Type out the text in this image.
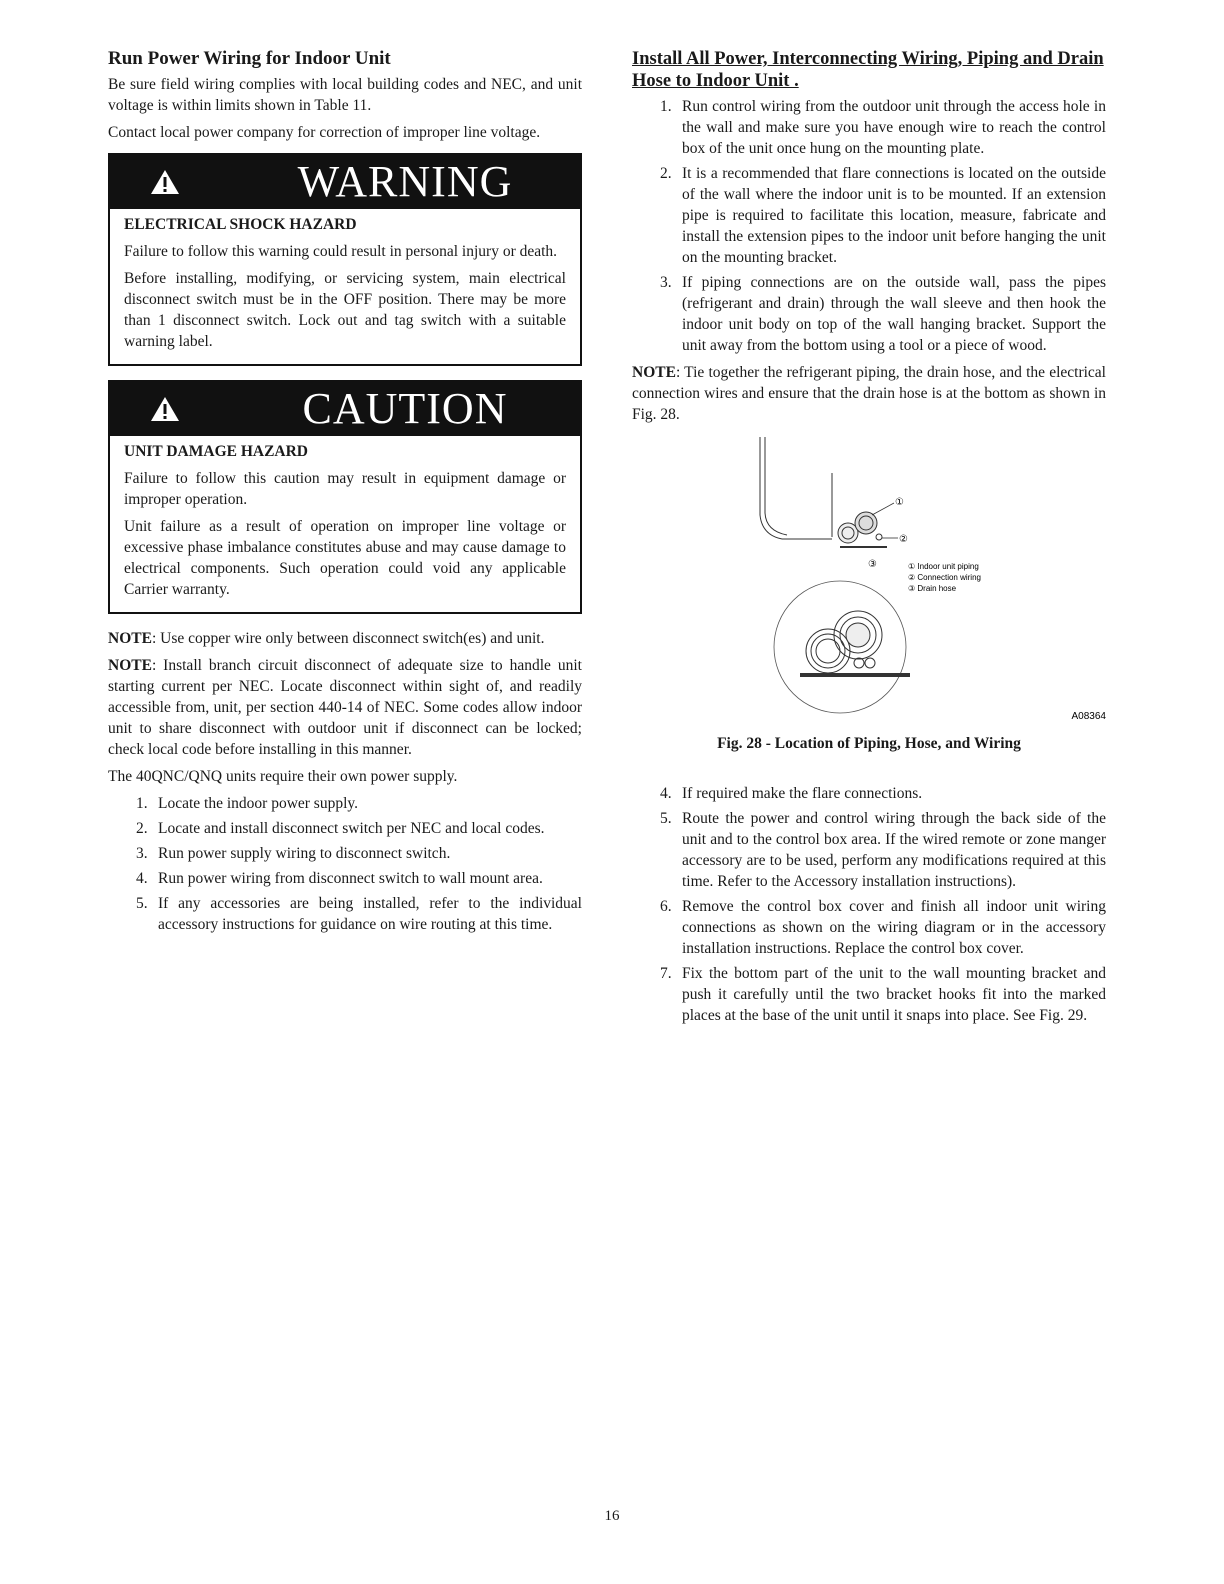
Run Power Wiring for Indoor Unit

Be sure field wiring complies with local building codes and NEC, and unit voltage is within limits shown in Table 11.

Contact local power company for correction of improper line voltage.

WARNING
ELECTRICAL SHOCK HAZARD

Failure to follow this warning could result in personal injury or death.

Before installing, modifying, or servicing system, main electrical disconnect switch must be in the OFF position. There may be more than 1 disconnect switch. Lock out and tag switch with a suitable warning label.

CAUTION
UNIT DAMAGE HAZARD

Failure to follow this caution may result in equipment damage or improper operation.

Unit failure as a result of operation on improper line voltage or excessive phase imbalance constitutes abuse and may cause damage to electrical components. Such operation could void any applicable Carrier warranty.

NOTE: Use copper wire only between disconnect switch(es) and unit.

NOTE: Install branch circuit disconnect of adequate size to handle unit starting current per NEC. Locate disconnect within sight of, and readily accessible from, unit, per section 440-14 of NEC. Some codes allow indoor unit to share disconnect with outdoor unit if disconnect can be locked; check local code before installing in this manner.

The 40QNC/QNQ units require their own power supply.

1. Locate the indoor power supply.
2. Locate and install disconnect switch per NEC and local codes.
3. Run power supply wiring to disconnect switch.
4. Run power wiring from disconnect switch to wall mount area.
5. If any accessories are being installed, refer to the individual accessory instructions for guidance on wire routing at this time.
Install All Power, Interconnecting Wiring, Piping and Drain Hose to Indoor Unit .
1. Run control wiring from the outdoor unit through the access hole in the wall and make sure you have enough wire to reach the control box of the unit once hung on the mounting plate.
2. It is a recommended that flare connections is located on the outside of the wall where the indoor unit is to be mounted. If an extension pipe is required to facilitate this location, measure, fabricate and install the extension pipes to the indoor unit before hanging the unit on the mounting bracket.
3. If piping connections are on the outside wall, pass the pipes (refrigerant and drain) through the wall sleeve and then hook the indoor unit body on top of the wall hanging bracket. Support the unit away from the bottom using a tool or a piece of wood.

NOTE: Tie together the refrigerant piping, the drain hose, and the electrical connection wires and ensure that the drain hose is at the bottom as shown in Fig. 28.

①
②
③	① Indoor unit piping
② Connection wiring
③ Drain hose
A08364
Fig. 28 - Location of Piping, Hose, and Wiring
4. If required make the flare connections.
5. Route the power and control wiring through the back side of the unit and to the control box area. If the wired remote or zone manger accessory are to be used, perform any modifications required at this time. Refer to the Accessory installation instructions).
6. Remove the control box cover and finish all indoor unit wiring connections as shown on the wiring diagram or in the accessory installation instructions. Replace the control box cover.
7. Fix the bottom part of the unit to the wall mounting bracket and push it carefully until the two bracket hooks fit into the marked places at the base of the unit until it snaps into place. See Fig. 29.
16
